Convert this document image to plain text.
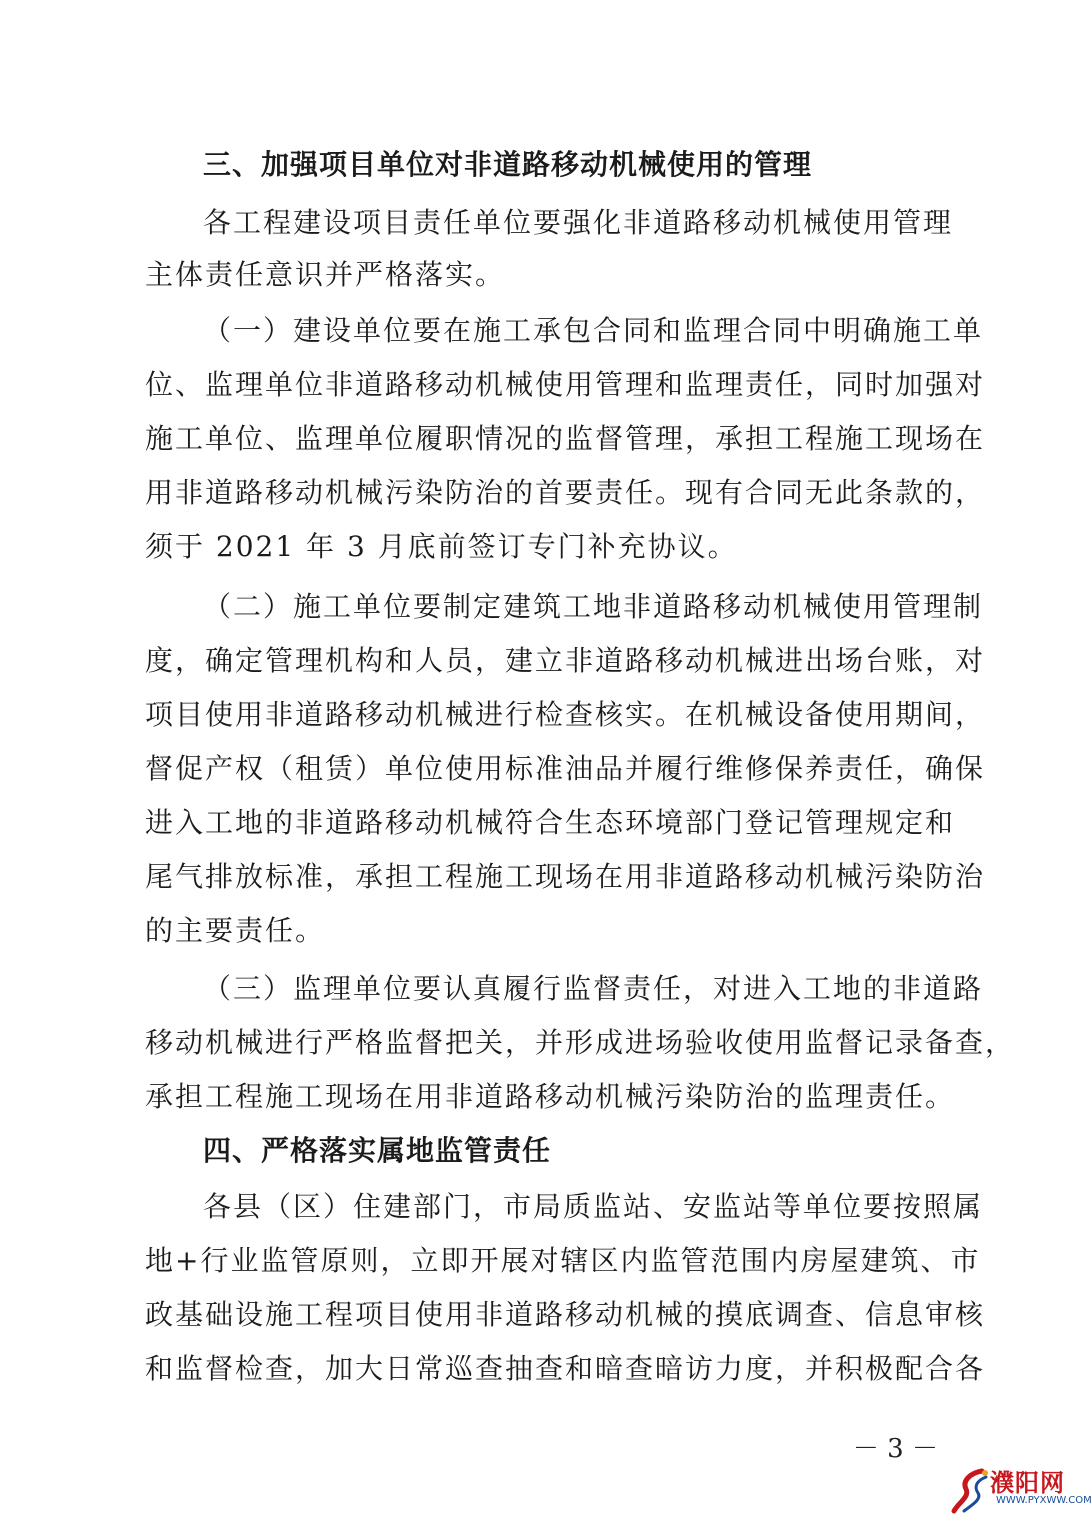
三、加强项目单位对非道路移动机械使用的管理
各工程建设项目责任单位要强化非道路移动机械使用管理
主体责任意识并严格落实。
（一）建设单位要在施工承包合同和监理合同中明确施工单
位、监理单位非道路移动机械使用管理和监理责任，同时加强对
施工单位、监理单位履职情况的监督管理，承担工程施工现场在
用非道路移动机械污染防治的首要责任。现有合同无此条款的，
须于 2021 年 3 月底前签订专门补充协议。
（二）施工单位要制定建筑工地非道路移动机械使用管理制
度，确定管理机构和人员，建立非道路移动机械进出场台账，对
项目使用非道路移动机械进行检查核实。在机械设备使用期间，
督促产权（租赁）单位使用标准油品并履行维修保养责任，确保
进入工地的非道路移动机械符合生态环境部门登记管理规定和
尾气排放标准，承担工程施工现场在用非道路移动机械污染防治
的主要责任。
（三）监理单位要认真履行监督责任，对进入工地的非道路
移动机械进行严格监督把关，并形成进场验收使用监督记录备查，
承担工程施工现场在用非道路移动机械污染防治的监理责任。
四、严格落实属地监管责任
各县（区）住建部门，市局质监站、安监站等单位要按照属
地+行业监管原则，立即开展对辖区内监管范围内房屋建筑、市
政基础设施工程项目使用非道路移动机械的摸底调查、信息审核
和监督检查，加大日常巡查抽查和暗查暗访力度，并积极配合各
－ 3 －
濮阳网
WWW.PYXWW.COM
